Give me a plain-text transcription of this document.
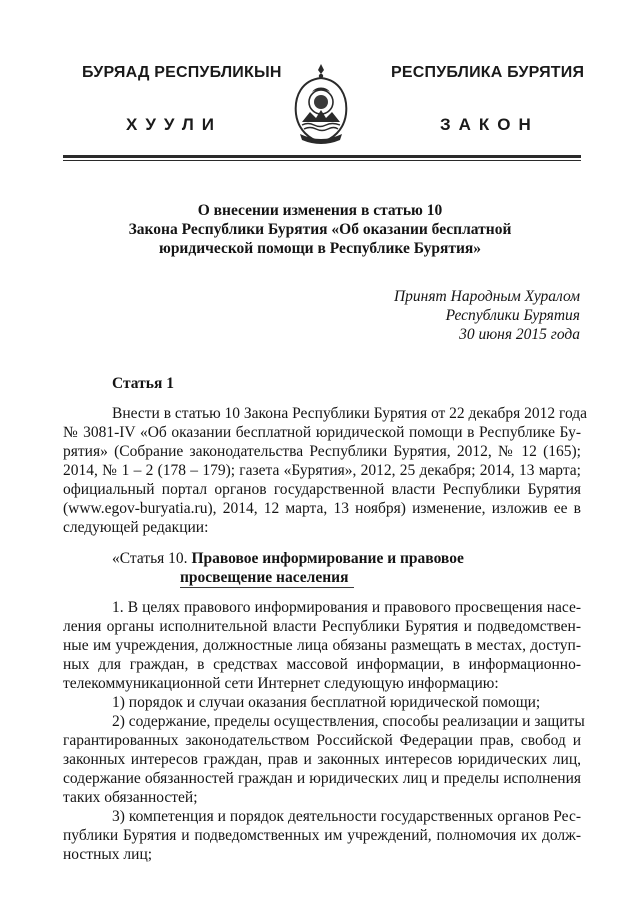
БУРЯАД РЕСПУБЛИКЫН	РЕСПУБЛИКА БУРЯТИЯ
ХУУЛИ	ЗАКОН
О внесении изменения в статью 10
Закона Республики Бурятия «Об оказании бесплатной
юридической помощи в Республике Бурятия»
Принят Народным Хуралом
Республики Бурятия
30 июня 2015 года
Статья 1
Внести в статью 10 Закона Республики Бурятия от 22 декабря 2012 года
№ 3081-IV «Об оказании бесплатной юридической помощи в Республике Бу-
рятия» (Собрание законодательства Республики Бурятия, 2012, № 12 (165);
2014, № 1 – 2 (178 – 179); газета «Бурятия», 2012, 25 декабря; 2014, 13 марта;
официальный портал органов государственной власти Республики Бурятия
(www.egov-buryatia.ru), 2014, 12 марта, 13 ноября) изменение, изложив ее в
следующей редакции:
«Статья 10. Правовое информирование и правовое
просвещение населения
1. В целях правового информирования и правового просвещения насе-
ления органы исполнительной власти Республики Бурятия и подведомствен-
ные им учреждения, должностные лица обязаны размещать в местах, доступ-
ных для граждан, в средствах массовой информации, в информационно-
телекоммуникационной сети Интернет следующую информацию:
1) порядок и случаи оказания бесплатной юридической помощи;
2) содержание, пределы осуществления, способы реализации и защиты
гарантированных законодательством Российской Федерации прав, свобод и
законных интересов граждан, прав и законных интересов юридических лиц,
содержание обязанностей граждан и юридических лиц и пределы исполнения
таких обязанностей;
3) компетенция и порядок деятельности государственных органов Рес-
публики Бурятия и подведомственных им учреждений, полномочия их долж-
ностных лиц;
